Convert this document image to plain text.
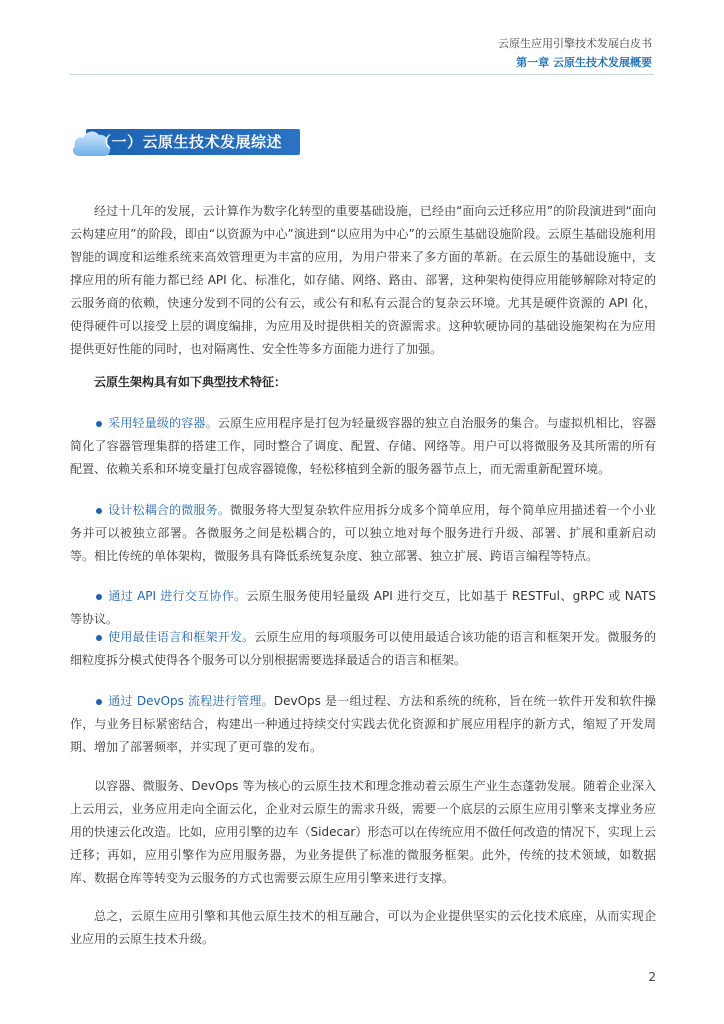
云原生应用引擎技术发展白皮书
第一章 云原生技术发展概要
（一）云原生技术发展综述

经过十几年的发展，云计算作为数字化转型的重要基础设施，已经由“面向云迁移应用”的阶段演进到“面向云构建应用”的阶段，即由“以资源为中心”演进到“以应用为中心”的云原生基础设施阶段。云原生基础设施利用智能的调度和运维系统来高效管理更为丰富的应用，为用户带来了多方面的革新。在云原生的基础设施中，支撑应用的所有能力都已经 API 化、标准化，如存储、网络、路由、部署，这种架构使得应用能够解除对特定的云服务商的依赖，快速分发到不同的公有云，或公有和私有云混合的复杂云环境。尤其是硬件资源的 API 化，使得硬件可以接受上层的调度编排，为应用及时提供相关的资源需求。这种软硬协同的基础设施架构在为应用提供更好性能的同时，也对隔离性、安全性等多方面能力进行了加强。

云原生架构具有如下典型技术特征：

采用轻量级的容器。云原生应用程序是打包为轻量级容器的独立自治服务的集合。与虚拟机相比，容器简化了容器管理集群的搭建工作，同时整合了调度、配置、存储、网络等。用户可以将微服务及其所需的所有配置、依赖关系和环境变量打包成容器镜像，轻松移植到全新的服务器节点上，而无需重新配置环境。

设计松耦合的微服务。微服务将大型复杂软件应用拆分成多个简单应用，每个简单应用描述着一个小业务并可以被独立部署。各微服务之间是松耦合的，可以独立地对每个服务进行升级、部署、扩展和重新启动等。相比传统的单体架构，微服务具有降低系统复杂度、独立部署、独立扩展、跨语言编程等特点。

通过 API 进行交互协作。云原生服务使用轻量级 API 进行交互，比如基于 RESTFul、gRPC 或 NATS 等协议。

使用最佳语言和框架开发。云原生应用的每项服务可以使用最适合该功能的语言和框架开发。微服务的细粒度拆分模式使得各个服务可以分别根据需要选择最适合的语言和框架。

通过 DevOps 流程进行管理。DevOps 是一组过程、方法和系统的统称，旨在统一软件开发和软件操作，与业务目标紧密结合，构建出一种通过持续交付实践去优化资源和扩展应用程序的新方式，缩短了开发周期、增加了部署频率，并实现了更可靠的发布。

以容器、微服务、DevOps 等为核心的云原生技术和理念推动着云原生产业生态蓬勃发展。随着企业深入上云用云，业务应用走向全面云化，企业对云原生的需求升级，需要一个底层的云原生应用引擎来支撑业务应用的快速云化改造。比如，应用引擎的边车（Sidecar）形态可以在传统应用不做任何改造的情况下，实现上云迁移；再如，应用引擎作为应用服务器，为业务提供了标准的微服务框架。此外，传统的技术领域，如数据库、数据仓库等转变为云服务的方式也需要云原生应用引擎来进行支撑。

总之，云原生应用引擎和其他云原生技术的相互融合，可以为企业提供坚实的云化技术底座，从而实现企业应用的云原生技术升级。

2
